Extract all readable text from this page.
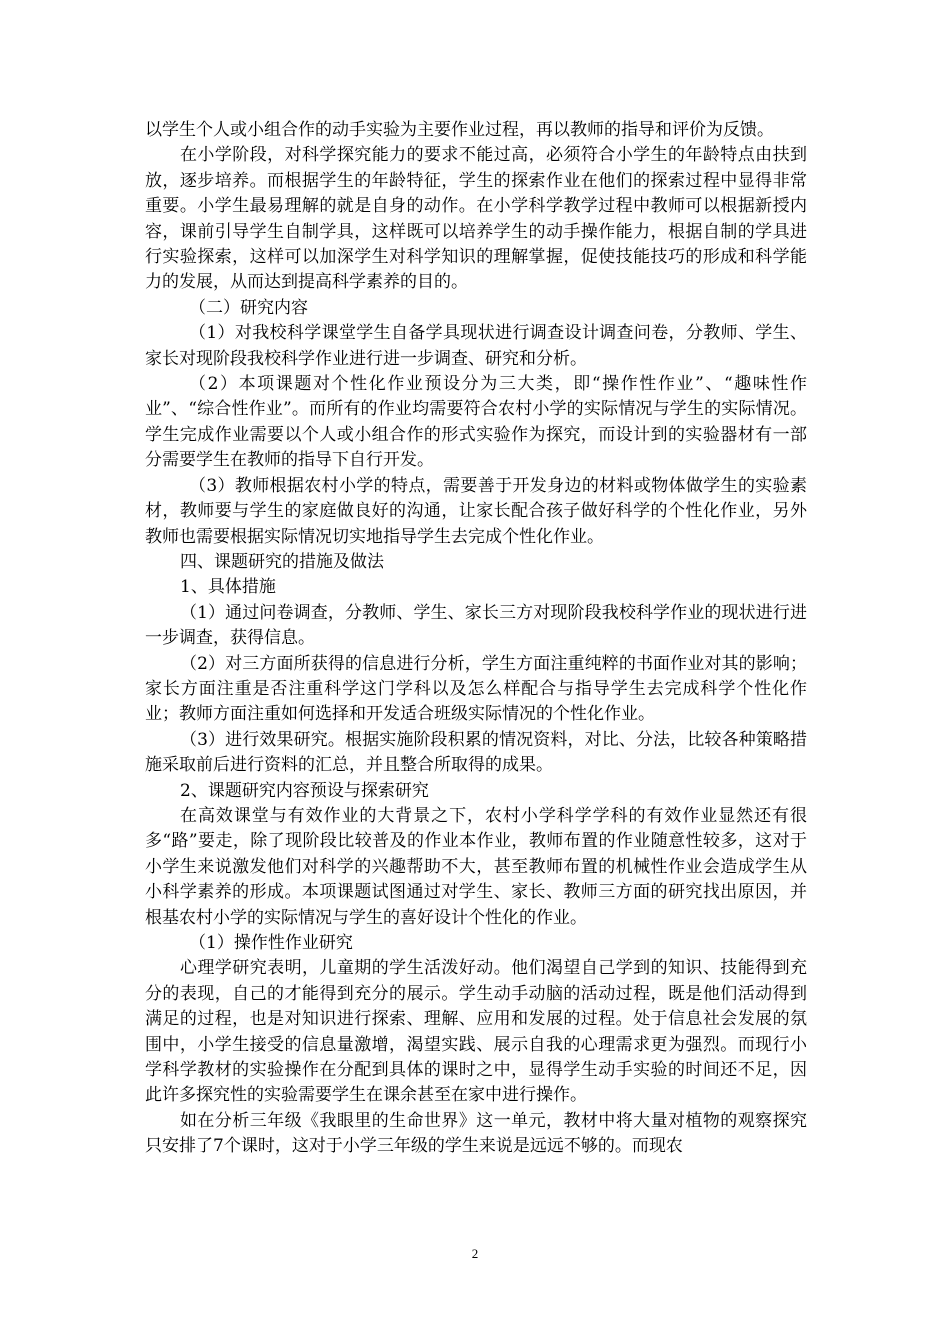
以学生个人或小组合作的动手实验为主要作业过程，再以教师的指导和评价为反馈。

在小学阶段，对科学探究能力的要求不能过高，必须符合小学生的年龄特点由扶到放，逐步培养。而根据学生的年龄特征，学生的探索作业在他们的探索过程中显得非常重要。小学生最易理解的就是自身的动作。在小学科学教学过程中教师可以根据新授内容，课前引导学生自制学具，这样既可以培养学生的动手操作能力，根据自制的学具进行实验探索，这样可以加深学生对科学知识的理解掌握，促使技能技巧的形成和科学能力的发展，从而达到提高科学素养的目的。

（二）研究内容

（1）对我校科学课堂学生自备学具现状进行调查设计调查问卷，分教师、学生、家长对现阶段我校科学作业进行进一步调查、研究和分析。

（2）本项课题对个性化作业预设分为三大类，即“操作性作业”、“趣味性作业”、“综合性作业”。而所有的作业均需要符合农村小学的实际情况与学生的实际情况。学生完成作业需要以个人或小组合作的形式实验作为探究，而设计到的实验器材有一部分需要学生在教师的指导下自行开发。

（3）教师根据农村小学的特点，需要善于开发身边的材料或物体做学生的实验素材，教师要与学生的家庭做良好的沟通，让家长配合孩子做好科学的个性化作业，另外教师也需要根据实际情况切实地指导学生去完成个性化作业。

四、课题研究的措施及做法

1、具体措施

（1）通过问卷调查，分教师、学生、家长三方对现阶段我校科学作业的现状进行进一步调查，获得信息。

（2）对三方面所获得的信息进行分析，学生方面注重纯粹的书面作业对其的影响；家长方面注重是否注重科学这门学科以及怎么样配合与指导学生去完成科学个性化作业；教师方面注重如何选择和开发适合班级实际情况的个性化作业。

（3）进行效果研究。根据实施阶段积累的情况资料，对比、分法，比较各种策略措施采取前后进行资料的汇总，并且整合所取得的成果。

2、课题研究内容预设与探索研究

在高效课堂与有效作业的大背景之下，农村小学科学学科的有效作业显然还有很多“路”要走，除了现阶段比较普及的作业本作业，教师布置的作业随意性较多，这对于小学生来说激发他们对科学的兴趣帮助不大，甚至教师布置的机械性作业会造成学生从小科学素养的形成。本项课题试图通过对学生、家长、教师三方面的研究找出原因，并根基农村小学的实际情况与学生的喜好设计个性化的作业。

（1）操作性作业研究

心理学研究表明，儿童期的学生活泼好动。他们渴望自己学到的知识、技能得到充分的表现，自己的才能得到充分的展示。学生动手动脑的活动过程，既是他们活动得到满足的过程，也是对知识进行探索、理解、应用和发展的过程。处于信息社会发展的氛围中，小学生接受的信息量激增，渴望实践、展示自我的心理需求更为强烈。而现行小学科学教材的实验操作在分配到具体的课时之中，显得学生动手实验的时间还不足，因此许多探究性的实验需要学生在课余甚至在家中进行操作。

如在分析三年级《我眼里的生命世界》这一单元，教材中将大量对植物的观察探究只安排了7个课时，这对于小学三年级的学生来说是远远不够的。而现农

2
